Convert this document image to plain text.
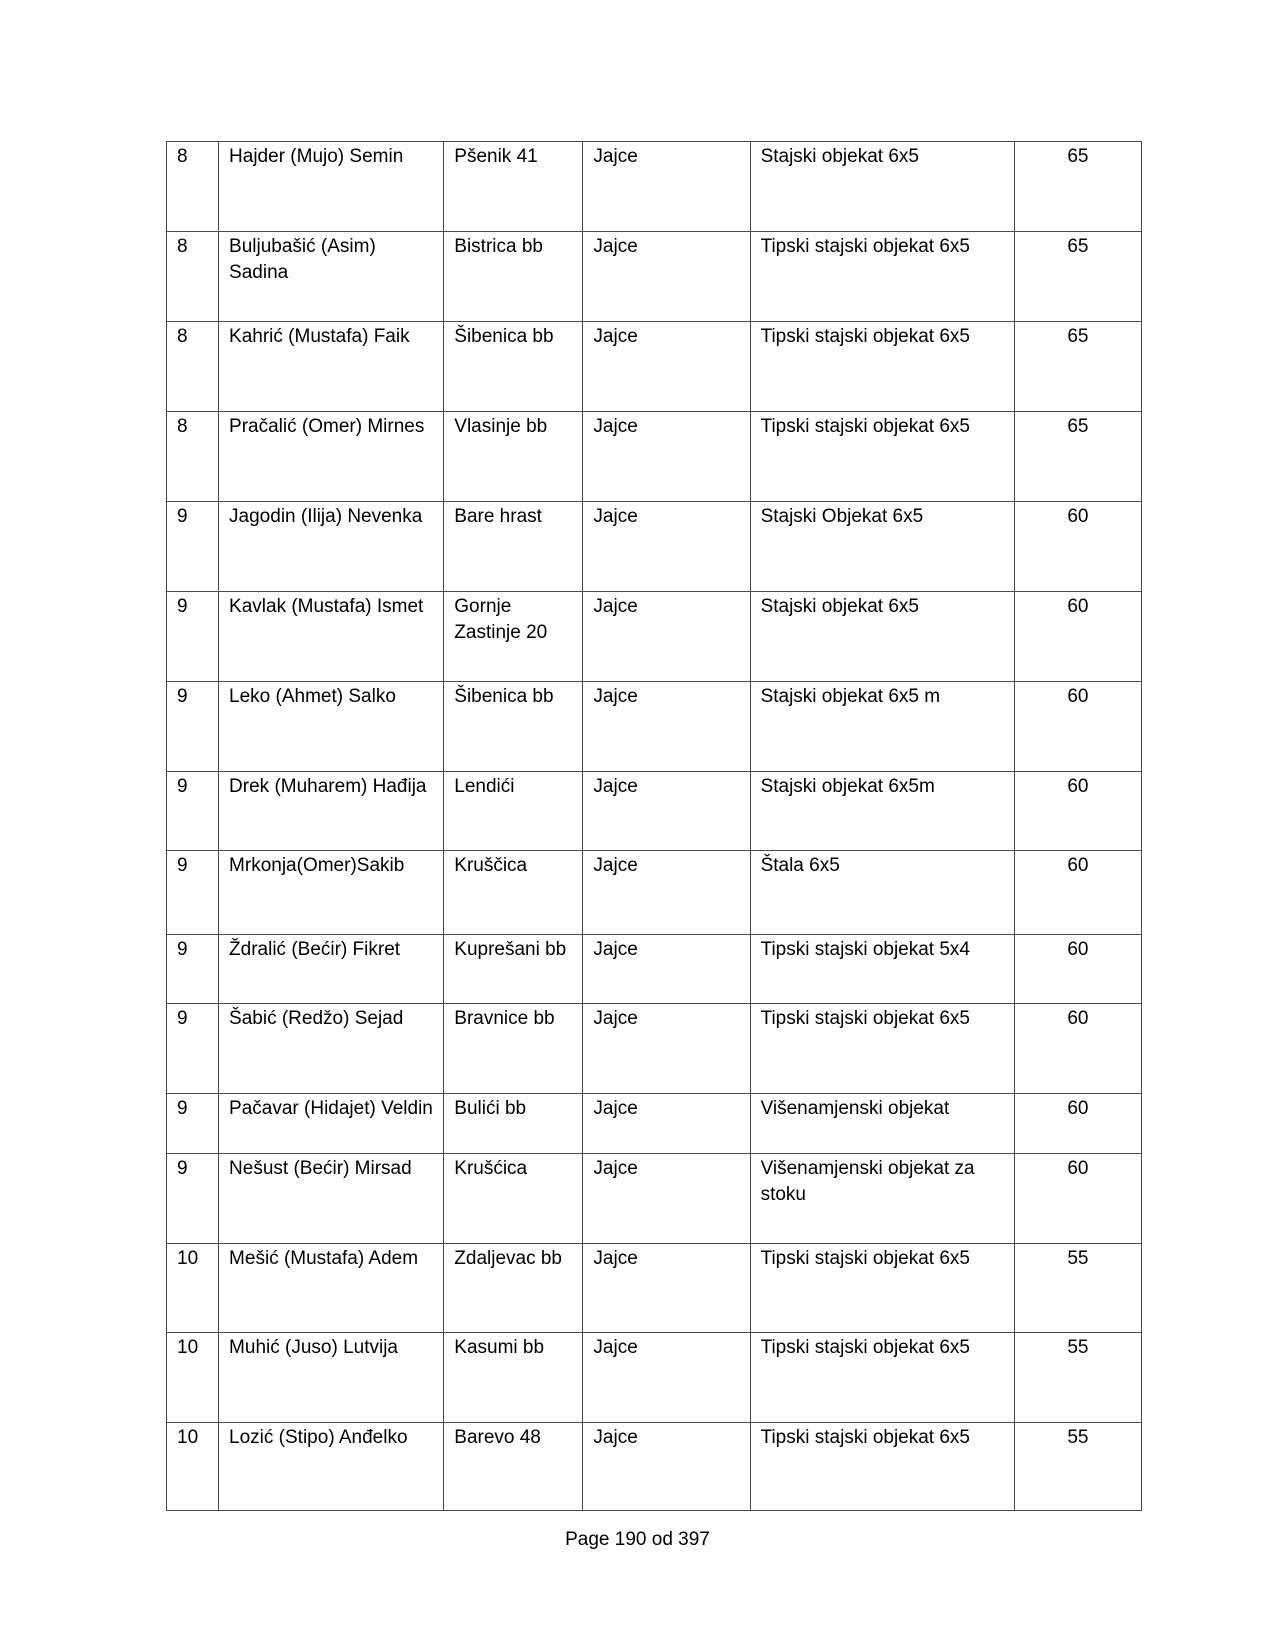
8	Hajder (Mujo) Semin	Pšenik 41	Jajce	Stajski objekat 6x5	65
8	Buljubašić (Asim) Sadina	Bistrica bb	Jajce	Tipski stajski objekat 6x5	65
8	Kahrić (Mustafa) Faik	Šibenica bb	Jajce	Tipski stajski objekat 6x5	65
8	Pračalić (Omer) Mirnes	Vlasinje bb	Jajce	Tipski stajski objekat 6x5	65
9	Jagodin (Ilija) Nevenka	Bare hrast	Jajce	Stajski Objekat 6x5	60
9	Kavlak (Mustafa) Ismet	Gornje Zastinje 20	Jajce	Stajski objekat 6x5	60
9	Leko (Ahmet) Salko	Šibenica bb	Jajce	Stajski objekat 6x5 m	60
9	Drek (Muharem) Hađija	Lendići	Jajce	Stajski objekat 6x5m	60
9	Mrkonja(Omer)Sakib	Kruščica	Jajce	Štala 6x5	60
9	Ždralić (Bećir) Fikret	Kuprešani bb	Jajce	Tipski stajski objekat 5x4	60
9	Šabić (Redžo) Sejad	Bravnice bb	Jajce	Tipski stajski objekat 6x5	60
9	Pačavar (Hidajet) Veldin	Bulići bb	Jajce	Višenamjenski objekat	60
9	Nešust (Bećir) Mirsad	Krušćica	Jajce	Višenamjenski objekat za stoku	60
10	Mešić (Mustafa) Adem	Zdaljevac bb	Jajce	Tipski stajski objekat 6x5	55
10	Muhić (Juso) Lutvija	Kasumi bb	Jajce	Tipski stajski objekat 6x5	55
10	Lozić (Stipo) Anđelko	Barevo 48	Jajce	Tipski stajski objekat 6x5	55
Page 190 od 397
